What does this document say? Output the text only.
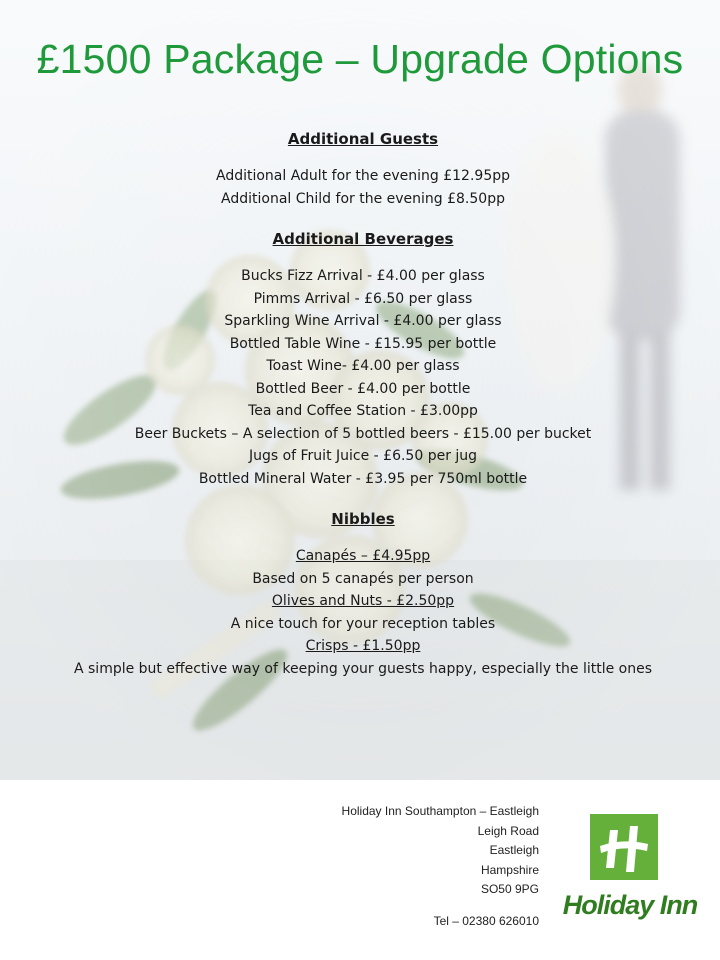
£1500 Package – Upgrade Options
Additional Guests

Additional Adult for the evening £12.95pp

Additional Child for the evening £8.50pp

Additional Beverages

Bucks Fizz Arrival - £4.00 per glass

Pimms Arrival - £6.50 per glass

Sparkling Wine Arrival - £4.00 per glass

Bottled Table Wine - £15.95 per bottle

Toast Wine- £4.00 per glass

Bottled Beer - £4.00 per bottle

Tea and Coffee Station - £3.00pp

Beer Buckets – A selection of 5 bottled beers - £15.00 per bucket

Jugs of Fruit Juice - £6.50 per jug

Bottled Mineral Water - £3.95 per 750ml bottle

Nibbles

Canapés – £4.95pp

Based on 5 canapés per person

Olives and Nuts - £2.50pp

A nice touch for your reception tables

Crisps - £1.50pp

A simple but effective way of keeping your guests happy, especially the little ones

Holiday Inn Southampton – Eastleigh
Leigh Road
Eastleigh
Hampshire
SO50 9PG
Tel – 02380 626010
Holiday Inn
